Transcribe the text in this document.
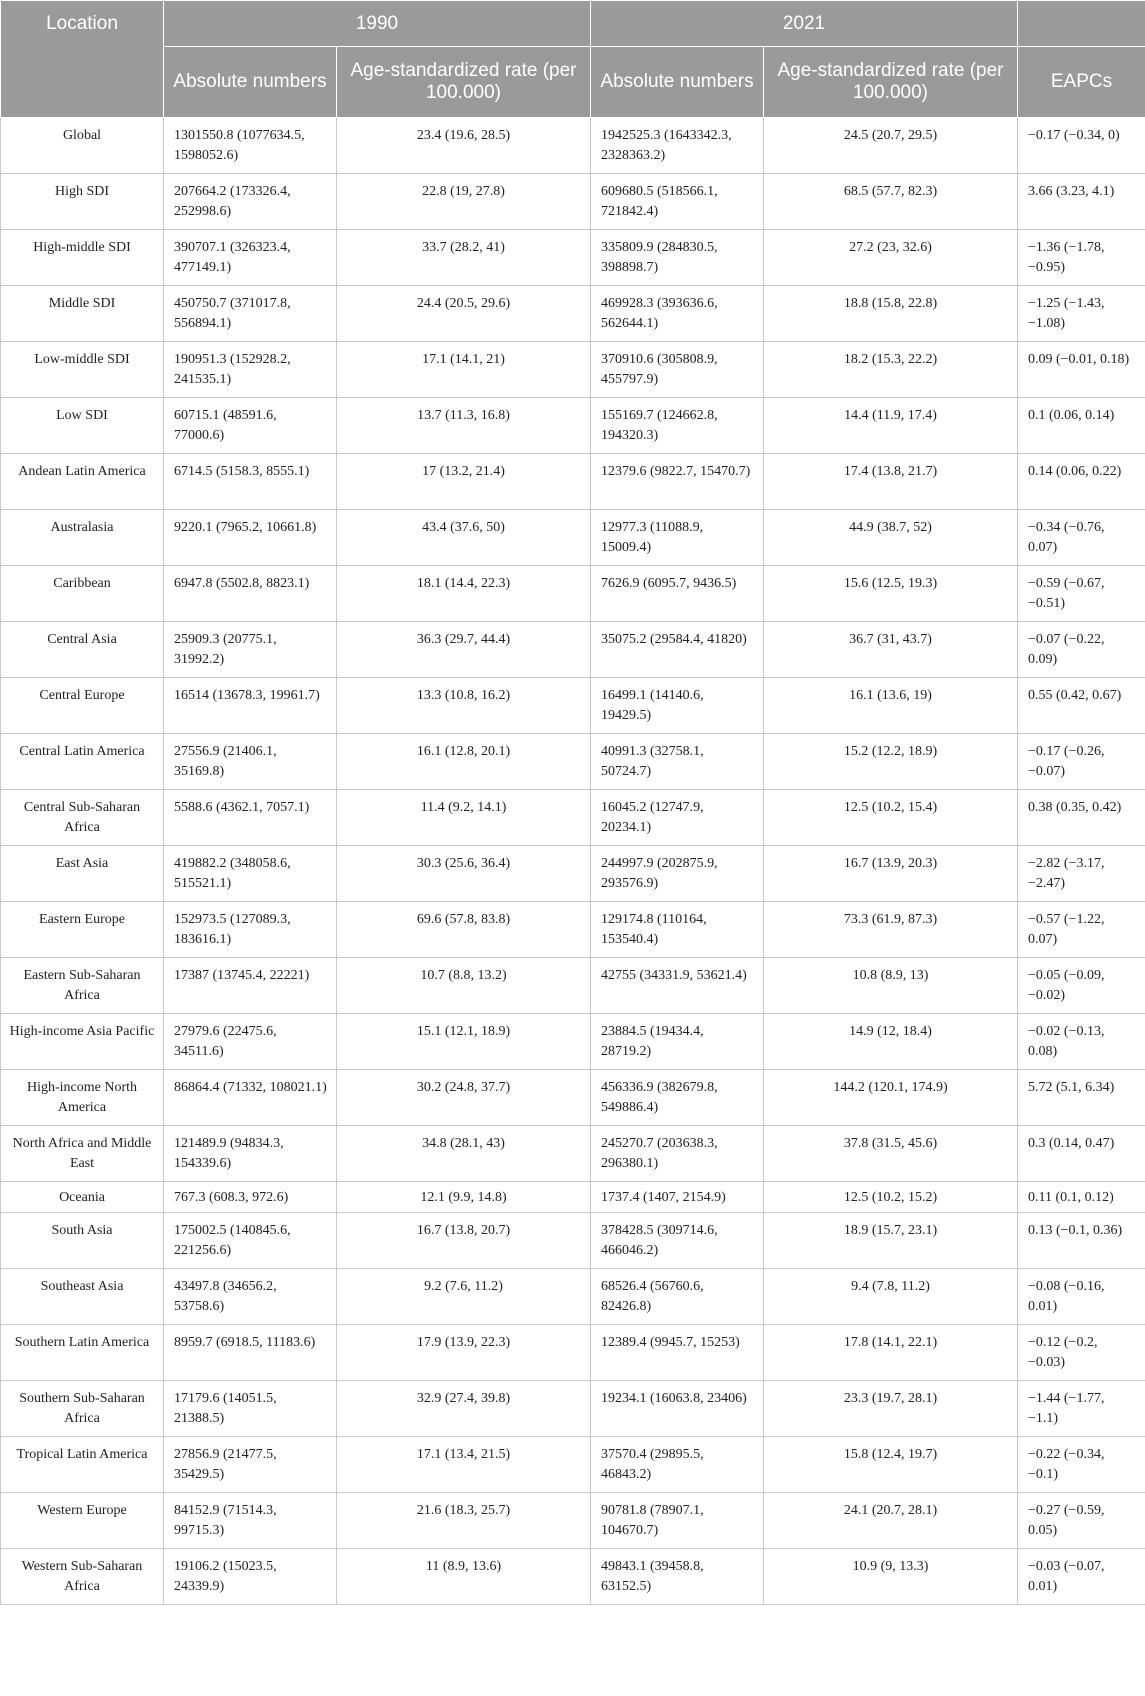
Location	1990		2021		
	Absolute numbers	Age-standardized rate (per 100.000)	Absolute numbers	Age-standardized rate (per 100.000)	EAPCs
Global	1301550.8 (1077634.5, 1598052.6)	23.4 (19.6, 28.5)	1942525.3 (1643342.3, 2328363.2)	24.5 (20.7, 29.5)	−0.17 (−0.34, 0)
High SDI	207664.2 (173326.4, 252998.6)	22.8 (19, 27.8)	609680.5 (518566.1, 721842.4)	68.5 (57.7, 82.3)	3.66 (3.23, 4.1)
High-middle SDI	390707.1 (326323.4, 477149.1)	33.7 (28.2, 41)	335809.9 (284830.5, 398898.7)	27.2 (23, 32.6)	−1.36 (−1.78, −0.95)
Middle SDI	450750.7 (371017.8, 556894.1)	24.4 (20.5, 29.6)	469928.3 (393636.6, 562644.1)	18.8 (15.8, 22.8)	−1.25 (−1.43, −1.08)
Low-middle SDI	190951.3 (152928.2, 241535.1)	17.1 (14.1, 21)	370910.6 (305808.9, 455797.9)	18.2 (15.3, 22.2)	0.09 (−0.01, 0.18)
Low SDI	60715.1 (48591.6, 77000.6)	13.7 (11.3, 16.8)	155169.7 (124662.8, 194320.3)	14.4 (11.9, 17.4)	0.1 (0.06, 0.14)
Andean Latin America	6714.5 (5158.3, 8555.1)	17 (13.2, 21.4)	12379.6 (9822.7, 15470.7)	17.4 (13.8, 21.7)	0.14 (0.06, 0.22)
Australasia	9220.1 (7965.2, 10661.8)	43.4 (37.6, 50)	12977.3 (11088.9, 15009.4)	44.9 (38.7, 52)	−0.34 (−0.76, 0.07)
Caribbean	6947.8 (5502.8, 8823.1)	18.1 (14.4, 22.3)	7626.9 (6095.7, 9436.5)	15.6 (12.5, 19.3)	−0.59 (−0.67, −0.51)
Central Asia	25909.3 (20775.1, 31992.2)	36.3 (29.7, 44.4)	35075.2 (29584.4, 41820)	36.7 (31, 43.7)	−0.07 (−0.22, 0.09)
Central Europe	16514 (13678.3, 19961.7)	13.3 (10.8, 16.2)	16499.1 (14140.6, 19429.5)	16.1 (13.6, 19)	0.55 (0.42, 0.67)
Central Latin America	27556.9 (21406.1, 35169.8)	16.1 (12.8, 20.1)	40991.3 (32758.1, 50724.7)	15.2 (12.2, 18.9)	−0.17 (−0.26, −0.07)
Central Sub-Saharan Africa	5588.6 (4362.1, 7057.1)	11.4 (9.2, 14.1)	16045.2 (12747.9, 20234.1)	12.5 (10.2, 15.4)	0.38 (0.35, 0.42)
East Asia	419882.2 (348058.6, 515521.1)	30.3 (25.6, 36.4)	244997.9 (202875.9, 293576.9)	16.7 (13.9, 20.3)	−2.82 (−3.17, −2.47)
Eastern Europe	152973.5 (127089.3, 183616.1)	69.6 (57.8, 83.8)	129174.8 (110164, 153540.4)	73.3 (61.9, 87.3)	−0.57 (−1.22, 0.07)
Eastern Sub-Saharan Africa	17387 (13745.4, 22221)	10.7 (8.8, 13.2)	42755 (34331.9, 53621.4)	10.8 (8.9, 13)	−0.05 (−0.09, −0.02)
High-income Asia Pacific	27979.6 (22475.6, 34511.6)	15.1 (12.1, 18.9)	23884.5 (19434.4, 28719.2)	14.9 (12, 18.4)	−0.02 (−0.13, 0.08)
High-income North America	86864.4 (71332, 108021.1)	30.2 (24.8, 37.7)	456336.9 (382679.8, 549886.4)	144.2 (120.1, 174.9)	5.72 (5.1, 6.34)
North Africa and Middle East	121489.9 (94834.3, 154339.6)	34.8 (28.1, 43)	245270.7 (203638.3, 296380.1)	37.8 (31.5, 45.6)	0.3 (0.14, 0.47)
Oceania	767.3 (608.3, 972.6)	12.1 (9.9, 14.8)	1737.4 (1407, 2154.9)	12.5 (10.2, 15.2)	0.11 (0.1, 0.12)
South Asia	175002.5 (140845.6, 221256.6)	16.7 (13.8, 20.7)	378428.5 (309714.6, 466046.2)	18.9 (15.7, 23.1)	0.13 (−0.1, 0.36)
Southeast Asia	43497.8 (34656.2, 53758.6)	9.2 (7.6, 11.2)	68526.4 (56760.6, 82426.8)	9.4 (7.8, 11.2)	−0.08 (−0.16, 0.01)
Southern Latin America	8959.7 (6918.5, 11183.6)	17.9 (13.9, 22.3)	12389.4 (9945.7, 15253)	17.8 (14.1, 22.1)	−0.12 (−0.2, −0.03)
Southern Sub-Saharan Africa	17179.6 (14051.5, 21388.5)	32.9 (27.4, 39.8)	19234.1 (16063.8, 23406)	23.3 (19.7, 28.1)	−1.44 (−1.77, −1.1)
Tropical Latin America	27856.9 (21477.5, 35429.5)	17.1 (13.4, 21.5)	37570.4 (29895.5, 46843.2)	15.8 (12.4, 19.7)	−0.22 (−0.34, −0.1)
Western Europe	84152.9 (71514.3, 99715.3)	21.6 (18.3, 25.7)	90781.8 (78907.1, 104670.7)	24.1 (20.7, 28.1)	−0.27 (−0.59, 0.05)
Western Sub-Saharan Africa	19106.2 (15023.5, 24339.9)	11 (8.9, 13.6)	49843.1 (39458.8, 63152.5)	10.9 (9, 13.3)	−0.03 (−0.07, 0.01)
